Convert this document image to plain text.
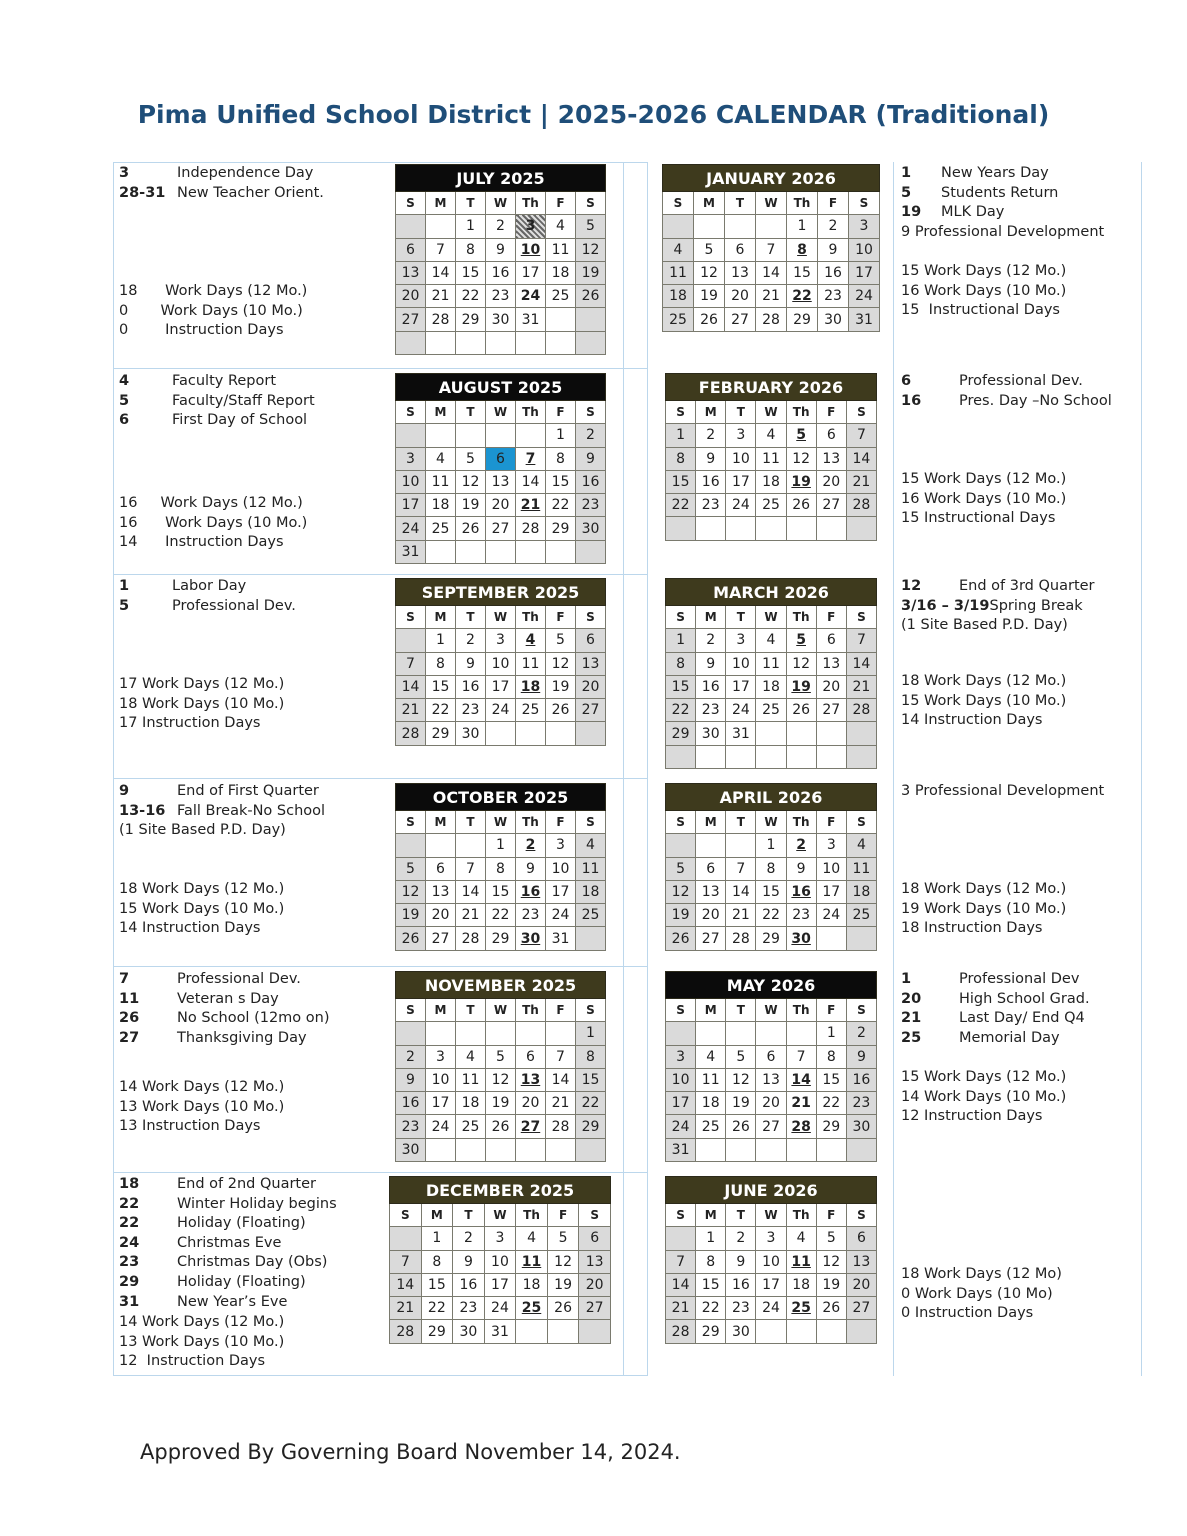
Pima Unified School District | 2025-2026 CALENDAR (Traditional)
3	Independence Day
28-31 New Teacher Orient.
18      Work Days (12 Mo.)
0       Work Days (10 Mo.)
0        Instruction Days
4	Faculty Report
5	Faculty/Staff Report
6	First Day of School
16     Work Days (12 Mo.)
16      Work Days (10 Mo.)
14      Instruction Days
1	Labor Day
5	Professional Dev.
17 Work Days (12 Mo.)
18 Work Days (10 Mo.)
17 Instruction Days
9	End of First Quarter
13-16 Fall Break-No School
(1 Site Based P.D. Day)
18 Work Days (12 Mo.)
15 Work Days (10 Mo.)
14 Instruction Days
7	Professional Dev.
11	Veteran s Day
26	No School (12mo on)
27	Thanksgiving Day
14 Work Days (12 Mo.)
13 Work Days (10 Mo.)
13 Instruction Days
18	End of 2nd Quarter
22	Winter Holiday begins
22	Holiday (Floating)
24	Christmas Eve
23	Christmas Day (Obs)
29	Holiday (Floating)
31	New Year’s Eve
14 Work Days (12 Mo.)
13 Work Days (10 Mo.)
12  Instruction Days
1 New Years Day
5 Students Return
19 MLK Day
9 Professional Development
15 Work Days (12 Mo.)
16 Work Days (10 Mo.)
15  Instructional Days
6	Professional Dev.
16	Pres. Day –No School
15 Work Days (12 Mo.)
16 Work Days (10 Mo.)
15 Instructional Days
12	End of 3rd Quarter
3/16 – 3/19Spring Break
(1 Site Based P.D. Day)
18 Work Days (12 Mo.)
15 Work Days (10 Mo.)
14 Instruction Days
3 Professional Development
18 Work Days (12 Mo.)
19 Work Days (10 Mo.)
18 Instruction Days
1	Professional Dev
20	High School Grad.
21	Last Day/ End Q4
25	Memorial Day
15 Work Days (12 Mo.)
14 Work Days (10 Mo.)
12 Instruction Days
18 Work Days (12 Mo)
0 Work Days (10 Mo)
0 Instruction Days
JULY 2025						
S	M	T	W	Th	F	S
		1	2	3	4	5
6	7	8	9	10	11	12
13	14	15	16	17	18	19
20	21	22	23	24	25	26
27	28	29	30	31		

AUGUST 2025						
S	M	T	W	Th	F	S
					1	2
3	4	5	6	7	8	9
10	11	12	13	14	15	16
17	18	19	20	21	22	23
24	25	26	27	28	29	30
31						
SEPTEMBER 2025						
S	M	T	W	Th	F	S
	1	2	3	4	5	6
7	8	9	10	11	12	13
14	15	16	17	18	19	20
21	22	23	24	25	26	27
28	29	30				
OCTOBER 2025						
S	M	T	W	Th	F	S
			1	2	3	4
5	6	7	8	9	10	11
12	13	14	15	16	17	18
19	20	21	22	23	24	25
26	27	28	29	30	31	
NOVEMBER 2025						
S	M	T	W	Th	F	S
						1
2	3	4	5	6	7	8
9	10	11	12	13	14	15
16	17	18	19	20	21	22
23	24	25	26	27	28	29
30						
DECEMBER 2025						
S	M	T	W	Th	F	S
	1	2	3	4	5	6
7	8	9	10	11	12	13
14	15	16	17	18	19	20
21	22	23	24	25	26	27
28	29	30	31			
JANUARY 2026						
S	M	T	W	Th	F	S
				1	2	3
4	5	6	7	8	9	10
11	12	13	14	15	16	17
18	19	20	21	22	23	24
25	26	27	28	29	30	31
FEBRUARY 2026						
S	M	T	W	Th	F	S
1	2	3	4	5	6	7
8	9	10	11	12	13	14
15	16	17	18	19	20	21
22	23	24	25	26	27	28

MARCH 2026						
S	M	T	W	Th	F	S
1	2	3	4	5	6	7
8	9	10	11	12	13	14
15	16	17	18	19	20	21
22	23	24	25	26	27	28
29	30	31				

APRIL 2026						
S	M	T	W	Th	F	S
			1	2	3	4
5	6	7	8	9	10	11
12	13	14	15	16	17	18
19	20	21	22	23	24	25
26	27	28	29	30		
MAY 2026						
S	M	T	W	Th	F	S
					1	2
3	4	5	6	7	8	9
10	11	12	13	14	15	16
17	18	19	20	21	22	23
24	25	26	27	28	29	30
31						
JUNE 2026						
S	M	T	W	Th	F	S
	1	2	3	4	5	6
7	8	9	10	11	12	13
14	15	16	17	18	19	20
21	22	23	24	25	26	27
28	29	30				
Approved By Governing Board November 14, 2024.
